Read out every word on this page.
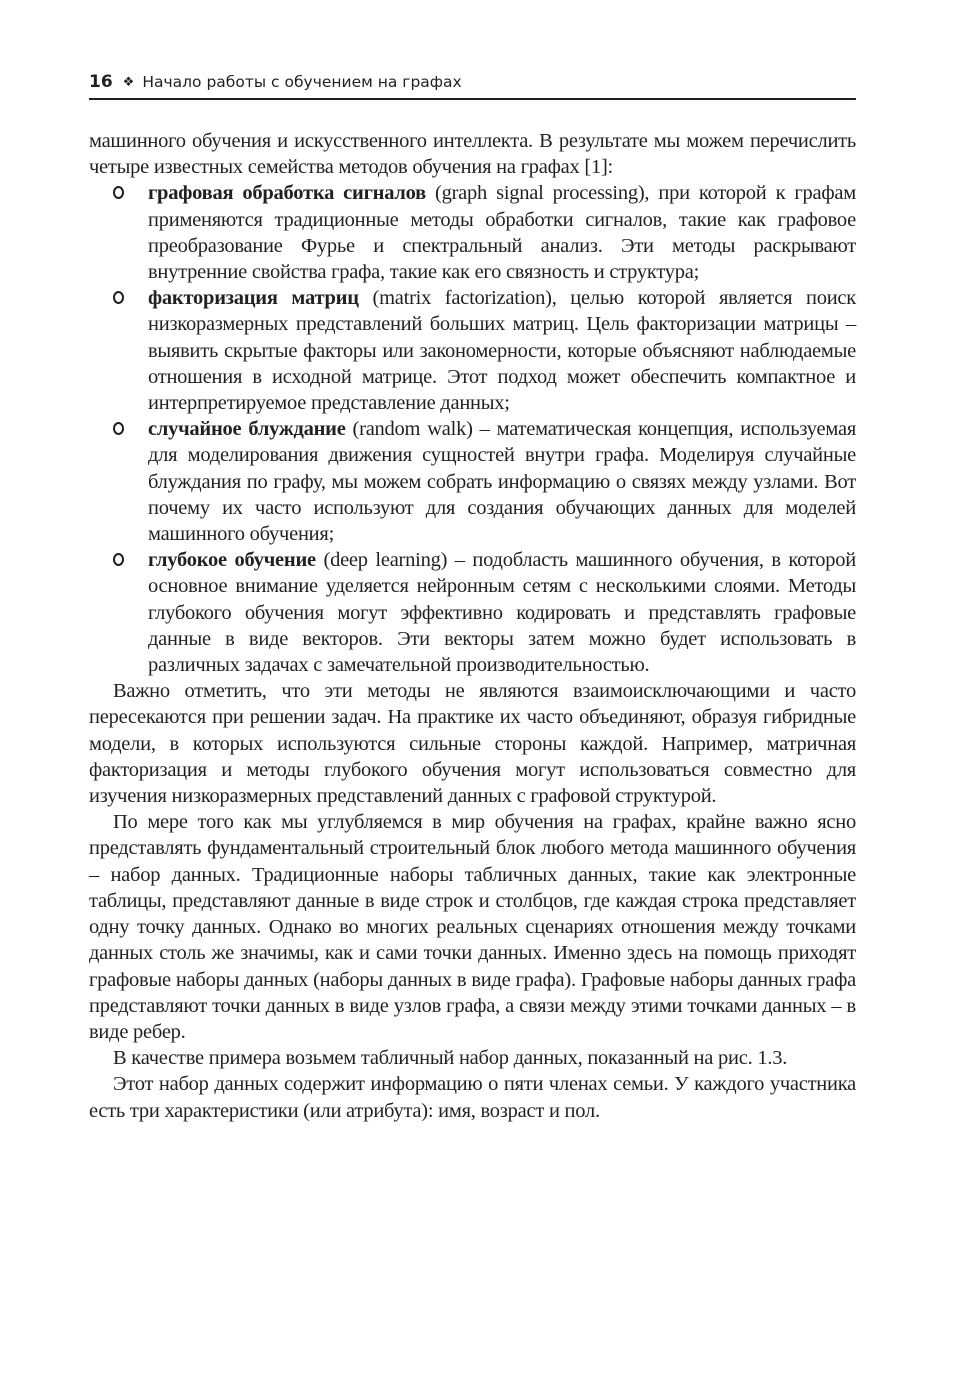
16 ❖ Начало работы с обучением на графах

машинного обучения и искусственного интеллекта. В результате мы можем перечислить четыре известных семейства методов обучения на графах [1]:

графовая обработка сигналов (graph signal processing), при которой к графам применяются традиционные методы обработки сигналов, такие как графовое преобразование Фурье и спектральный анализ. Эти методы раскрывают внутренние свойства графа, такие как его связность и структура;
факторизация матриц (matrix factorization), целью которой является поиск низкоразмерных представлений больших матриц. Цель факторизации матрицы – выявить скрытые факторы или закономерности, которые объясняют наблюдаемые отношения в исходной матрице. Этот подход может обеспечить компактное и интерпретируемое представление данных;
случайное блуждание (random walk) – математическая концепция, используемая для моделирования движения сущностей внутри графа. Моделируя случайные блуждания по графу, мы можем собрать информацию о связях между узлами. Вот почему их часто используют для создания обучающих данных для моделей машинного обучения;
глубокое обучение (deep learning) – подобласть машинного обучения, в которой основное внимание уделяется нейронным сетям с несколькими слоями. Методы глубокого обучения могут эффективно кодировать и представлять графовые данные в виде векторов. Эти векторы затем можно будет использовать в различных задачах с замечательной производительностью.

Важно отметить, что эти методы не являются взаимоисключающими и часто пересекаются при решении задач. На практике их часто объединяют, образуя гибридные модели, в которых используются сильные стороны каждой. Например, матричная факторизация и методы глубокого обучения могут использоваться совместно для изучения низкоразмерных представлений данных с графовой структурой.

По мере того как мы углубляемся в мир обучения на графах, крайне важно ясно представлять фундаментальный строительный блок любого метода машинного обучения – набор данных. Традиционные наборы табличных данных, такие как электронные таблицы, представляют данные в виде строк и столбцов, где каждая строка представляет одну точку данных. Однако во многих реальных сценариях отношения между точками данных столь же значимы, как и сами точки данных. Именно здесь на помощь приходят графовые наборы данных (наборы данных в виде графа). Графовые наборы данных графа представляют точки данных в виде узлов графа, а связи между этими точками данных – в виде ребер.

В качестве примера возьмем табличный набор данных, показанный на рис. 1.3.

Этот набор данных содержит информацию о пяти членах семьи. У каждого участника есть три характеристики (или атрибута): имя, возраст и пол.
